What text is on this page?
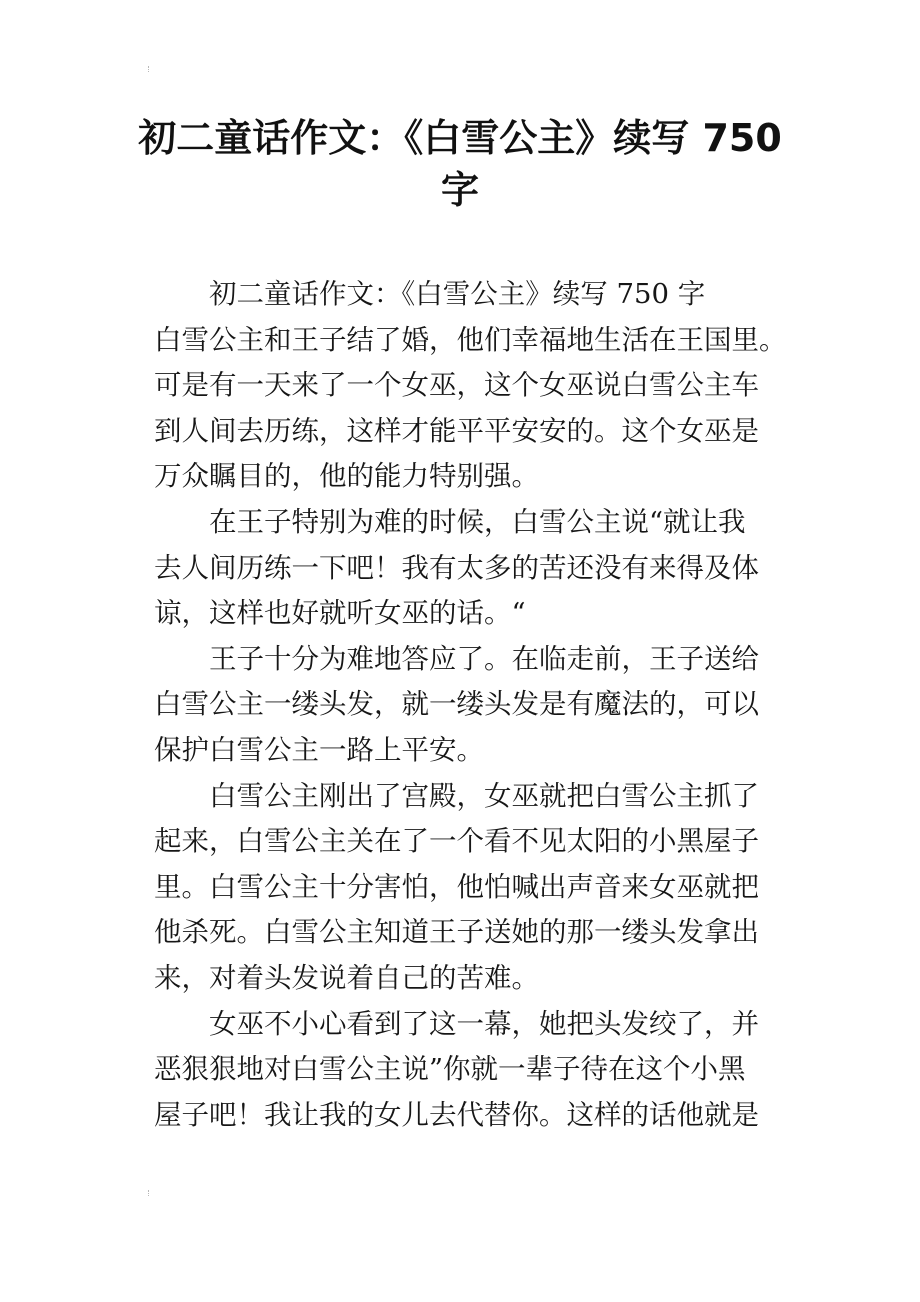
初二童话作文：《白雪公主》续写 750 字

初二童话作文：《白雪公主》续写 750 字

白雪公主和王子结了婚，他们幸福地生活在王国里。

可是有一天来了一个女巫，这个女巫说白雪公主车

到人间去历练，这样才能平平安安的。这个女巫是

万众瞩目的，他的能力特别强。

在王子特别为难的时候，白雪公主说“就让我

去人间历练一下吧！我有太多的苦还没有来得及体

谅，这样也好就听女巫的话。“

王子十分为难地答应了。在临走前，王子送给

白雪公主一缕头发，就一缕头发是有魔法的，可以

保护白雪公主一路上平安。

白雪公主刚出了宫殿，女巫就把白雪公主抓了

起来，白雪公主关在了一个看不见太阳的小黑屋子

里。白雪公主十分害怕，他怕喊出声音来女巫就把

他杀死。白雪公主知道王子送她的那一缕头发拿出

来，对着头发说着自己的苦难。

女巫不小心看到了这一幕，她把头发绞了，并

恶狠狠地对白雪公主说”你就一辈子待在这个小黑

屋子吧！我让我的女儿去代替你。这样的话他就是
